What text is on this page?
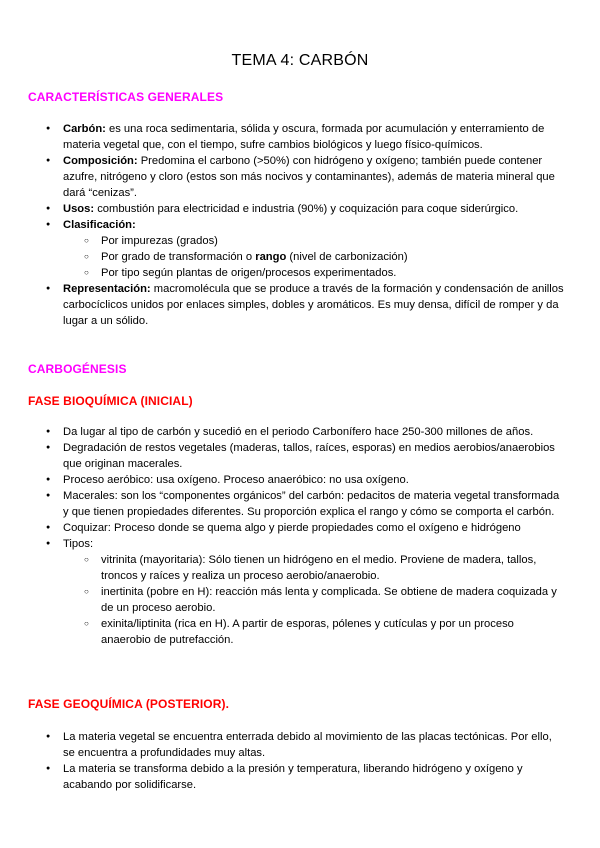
TEMA 4: CARBÓN
CARACTERÍSTICAS GENERALES
● Carbón: es una roca sedimentaria, sólida y oscura, formada por acumulación y enterramiento de materia vegetal que, con el tiempo, sufre cambios biológicos y luego físico-químicos.
● Composición: Predomina el carbono (>50%) con hidrógeno y oxígeno; también puede contener azufre, nitrógeno y cloro (estos son más nocivos y contaminantes), además de materia mineral que dará “cenizas”.
● Usos: combustión para electricidad e industria (90%) y coquización para coque siderúrgico.
● Clasificación:
○ Por impurezas (grados)
○ Por grado de transformación o rango (nivel de carbonización)
○ Por tipo según plantas de origen/procesos experimentados.
● Representación: macromolécula que se produce a través de la formación y condensación de anillos carbocíclicos unidos por enlaces simples, dobles y aromáticos. Es muy densa, difícil de romper y da lugar a un sólido.
CARBOGÉNESIS
FASE BIOQUÍMICA (INICIAL)
● Da lugar al tipo de carbón y sucedió en el periodo Carbonífero hace 250-300 millones de años.
● Degradación de restos vegetales (maderas, tallos, raíces, esporas) en medios aerobios/anaerobios que originan macerales.
● Proceso aeróbico: usa oxígeno. Proceso anaeróbico: no usa oxígeno.
● Macerales: son los “componentes orgánicos” del carbón: pedacitos de materia vegetal transformada y que tienen propiedades diferentes. Su proporción explica el rango y cómo se comporta el carbón.
● Coquizar: Proceso donde se quema algo y pierde propiedades como el oxígeno e hidrógeno
● Tipos:
○ vitrinita (mayoritaria): Sólo tienen un hidrógeno en el medio. Proviene de madera, tallos, troncos y raíces y realiza un proceso aerobio/anaerobio.
○ inertinita (pobre en H): reacción más lenta y complicada. Se obtiene de madera coquizada y de un proceso aerobio.
○ exinita/liptinita (rica en H). A partir de esporas, pólenes y cutículas y por un proceso anaerobio de putrefacción.
FASE GEOQUÍMICA (POSTERIOR).
● La materia vegetal se encuentra enterrada debido al movimiento de las placas tectónicas. Por ello, se encuentra a profundidades muy altas.
● La materia se transforma debido a la presión y temperatura, liberando hidrógeno y oxígeno y acabando por solidificarse.
